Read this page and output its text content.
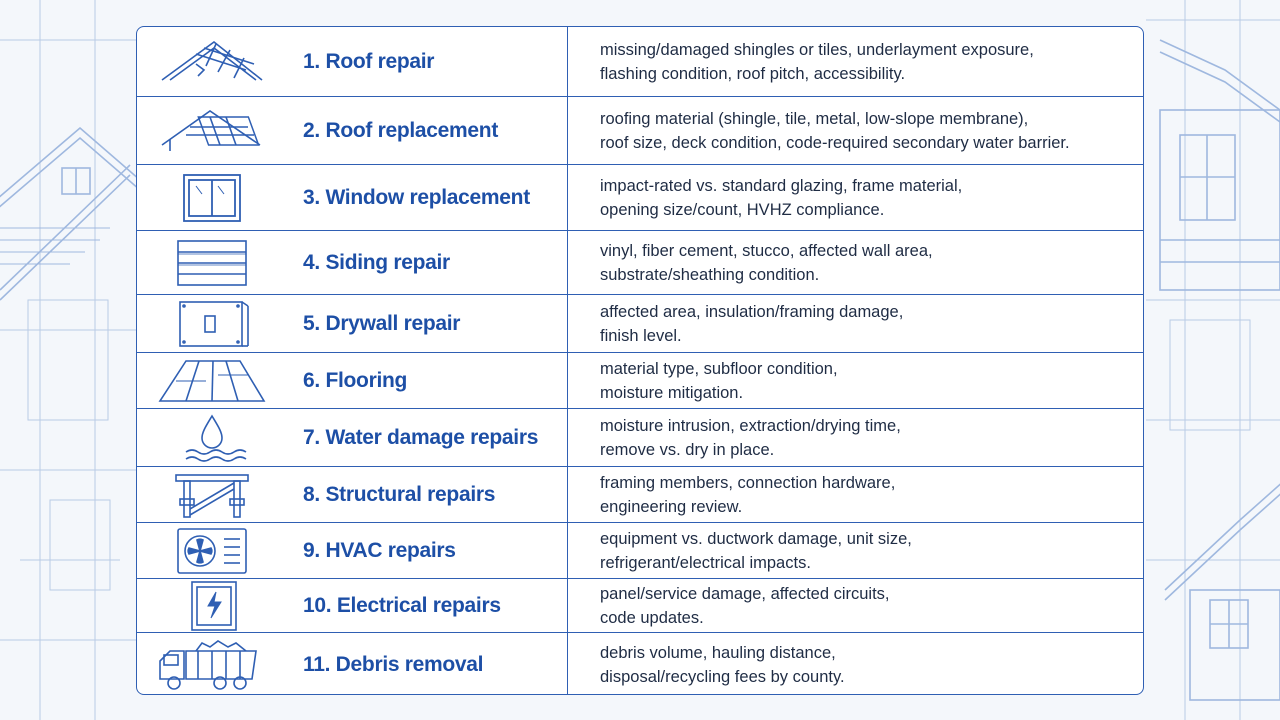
1. Roof repair	missing/damaged shingles or tiles, underlayment exposure,
flashing condition, roof pitch, accessibility.
2. Roof replacement	roofing material (shingle, tile, metal, low-slope membrane),
roof size, deck condition, code-required secondary water barrier.
3. Window replacement	impact-rated vs. standard glazing, frame material,
opening size/count, HVHZ compliance.
4. Siding repair	vinyl, fiber cement, stucco, affected wall area,
substrate/sheathing condition.
5. Drywall repair	affected area, insulation/framing damage,
finish level.
6. Flooring	material type, subfloor condition,
moisture mitigation.
7. Water damage repairs	moisture intrusion, extraction/drying time,
remove vs. dry in place.
8. Structural repairs	framing members, connection hardware,
engineering review.
9. HVAC repairs	equipment vs. ductwork damage, unit size,
refrigerant/electrical impacts.
10. Electrical repairs	panel/service damage, affected circuits,
code updates.
11. Debris removal	debris volume, hauling distance,
disposal/recycling fees by county.
